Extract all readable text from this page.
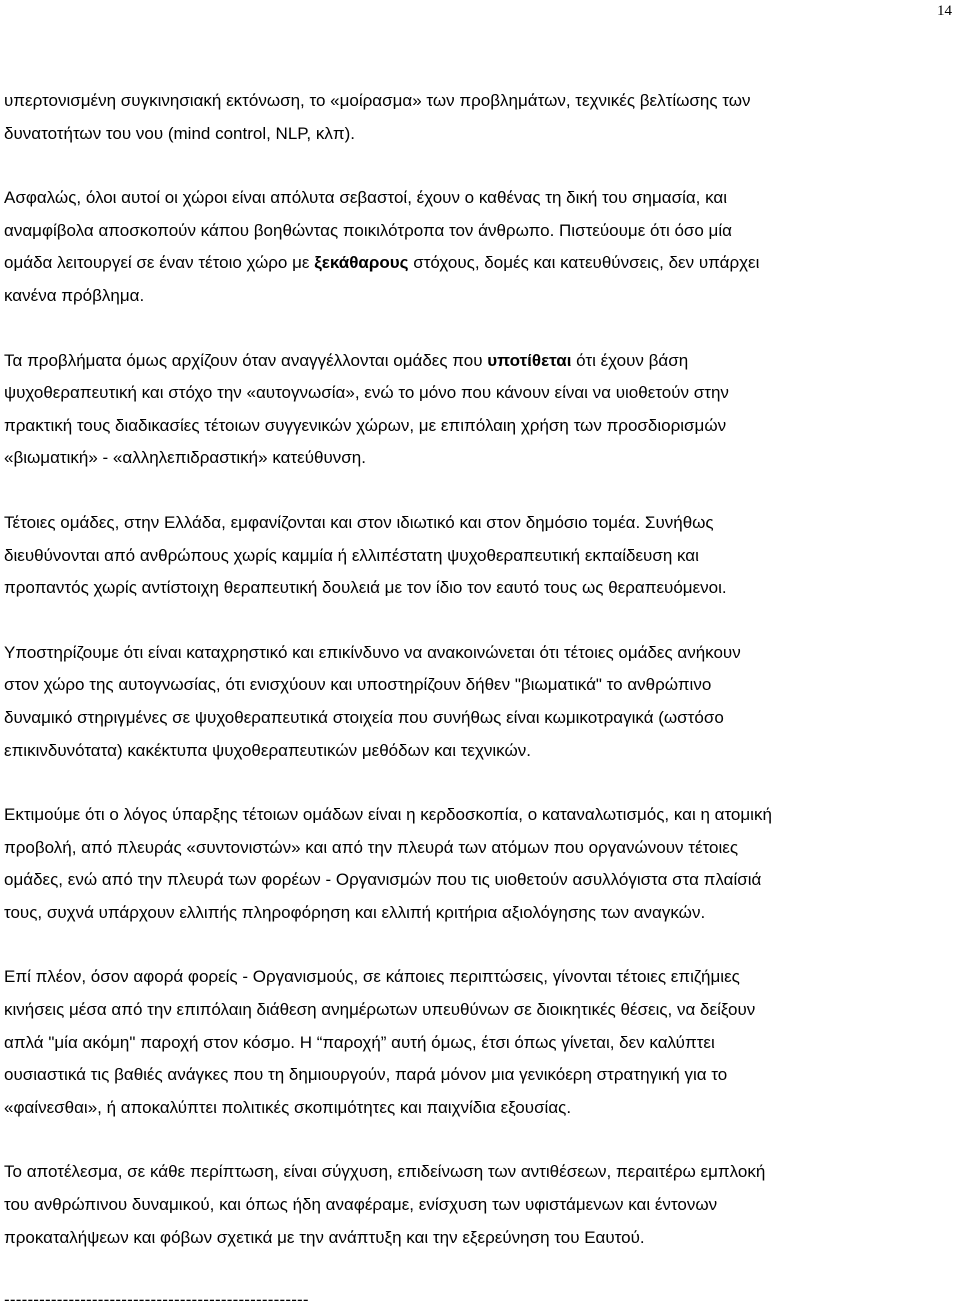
14

υπερτονισμένη συγκινησιακή εκτόνωση, το «μοίρασμα» των προβλημάτων, τεχνικές βελτίωσης των
δυνατοτήτων του νου (mind control, NLP, κλπ).

Ασφαλώς, όλοι αυτοί οι χώροι είναι απόλυτα σεβαστοί, έχουν ο καθένας τη δική του σημασία, και
αναμφίβολα αποσκοπούν κάπου βοηθώντας ποικιλότροπα τον άνθρωπο. Πιστεύουμε ότι όσο μία
ομάδα λειτουργεί σε έναν τέτοιο χώρο με ξεκάθαρους στόχους, δομές και κατευθύνσεις, δεν υπάρχει
κανένα πρόβλημα.

Τα προβλήματα όμως αρχίζουν όταν αναγγέλλονται ομάδες που υποτίθεται ότι έχουν βάση
ψυχοθεραπευτική και στόχο την «αυτογνωσία», ενώ το μόνο που κάνουν είναι να υιοθετούν στην
πρακτική τους διαδικασίες τέτοιων συγγενικών χώρων, με επιπόλαιη χρήση των προσδιορισμών
«βιωματική» - «αλληλεπιδραστική» κατεύθυνση.

Τέτοιες ομάδες, στην Ελλάδα, εμφανίζονται και στον ιδιωτικό και στον δημόσιο τομέα. Συνήθως
διευθύνονται από ανθρώπους χωρίς καμμία ή ελλιπέστατη ψυχοθεραπευτική εκπαίδευση και
προπαντός χωρίς αντίστοιχη θεραπευτική δουλειά με τον ίδιο τον εαυτό τους ως θεραπευόμενοι.

Υποστηρίζουμε ότι είναι καταχρηστικό και επικίνδυνο να ανακοινώνεται ότι τέτοιες ομάδες ανήκουν
στον χώρο της αυτογνωσίας, ότι ενισχύουν και υποστηρίζουν δήθεν "βιωματικά" το ανθρώπινο
δυναμικό στηριγμένες σε ψυχοθεραπευτικά στοιχεία που συνήθως είναι κωμικοτραγικά (ωστόσο
επικινδυνότατα) κακέκτυπα ψυχοθεραπευτικών μεθόδων και τεχνικών.

Εκτιμούμε ότι ο λόγος ύπαρξης τέτοιων ομάδων είναι η κερδοσκοπία, ο καταναλωτισμός, και η ατομική
προβολή, από πλευράς «συντονιστών» και από την πλευρά των ατόμων που οργανώνουν τέτοιες
ομάδες, ενώ από την πλευρά των φορέων - Οργανισμών που τις υιοθετούν ασυλλόγιστα στα πλαίσιά
τους, συχνά υπάρχουν ελλιπής πληροφόρηση και ελλιπή κριτήρια αξιολόγησης των αναγκών.

Επί πλέον, όσον αφορά φορείς - Οργανισμούς, σε κάποιες περιπτώσεις, γίνονται τέτοιες επιζήμιες
κινήσεις μέσα από την επιπόλαιη διάθεση ανημέρωτων υπευθύνων σε διοικητικές θέσεις, να δείξουν
απλά "μία ακόμη" παροχή στον κόσμο. Η “παροχή” αυτή όμως, έτσι όπως γίνεται, δεν καλύπτει
ουσιαστικά τις βαθιές ανάγκες που τη δημιουργούν, παρά μόνον μια γενικόερη στρατηγική για το
«φαίνεσθαι», ή αποκαλύπτει πολιτικές σκοπιμότητες και παιχνίδια εξουσίας.

Το αποτέλεσμα, σε κάθε περίπτωση, είναι σύγχυση, επιδείνωση των αντιθέσεων, περαιτέρω εμπλοκή
του ανθρώπινου δυναμικού, και όπως ήδη αναφέραμε, ενίσχυση των υφιστάμενων και έντονων
προκαταλήψεων και φόβων σχετικά με την ανάπτυξη και την εξερεύνηση του Εαυτού.

----------------------------------------------------
